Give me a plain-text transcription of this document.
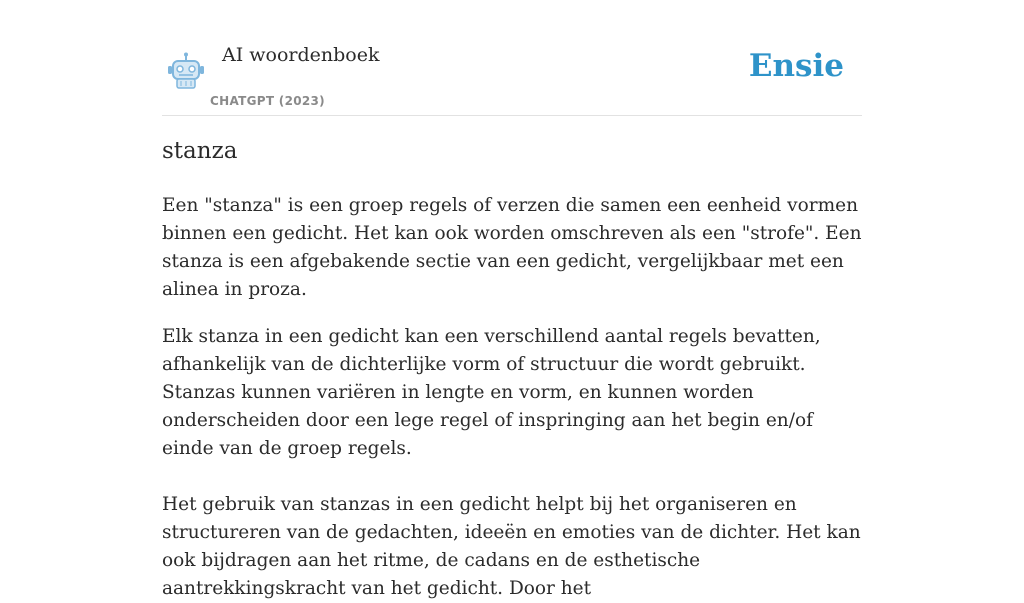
AI woordenboek
CHATGPT (2023)
Ensie
stanza

Een "stanza" is een groep regels of verzen die samen een eenheid vormen binnen een gedicht. Het kan ook worden omschreven als een "strofe". Een stanza is een afgebakende sectie van een gedicht, vergelijkbaar met een alinea in proza.

Elk stanza in een gedicht kan een verschillend aantal regels bevatten, afhankelijk van de dichterlijke vorm of structuur die wordt gebruikt. Stanzas kunnen variëren in lengte en vorm, en kunnen worden onderscheiden door een lege regel of inspringing aan het begin en/of einde van de groep regels.

Het gebruik van stanzas in een gedicht helpt bij het organiseren en structureren van de gedachten, ideeën en emoties van de dichter. Het kan ook bijdragen aan het ritme, de cadans en de esthetische aantrekkingskracht van het gedicht. Door het
